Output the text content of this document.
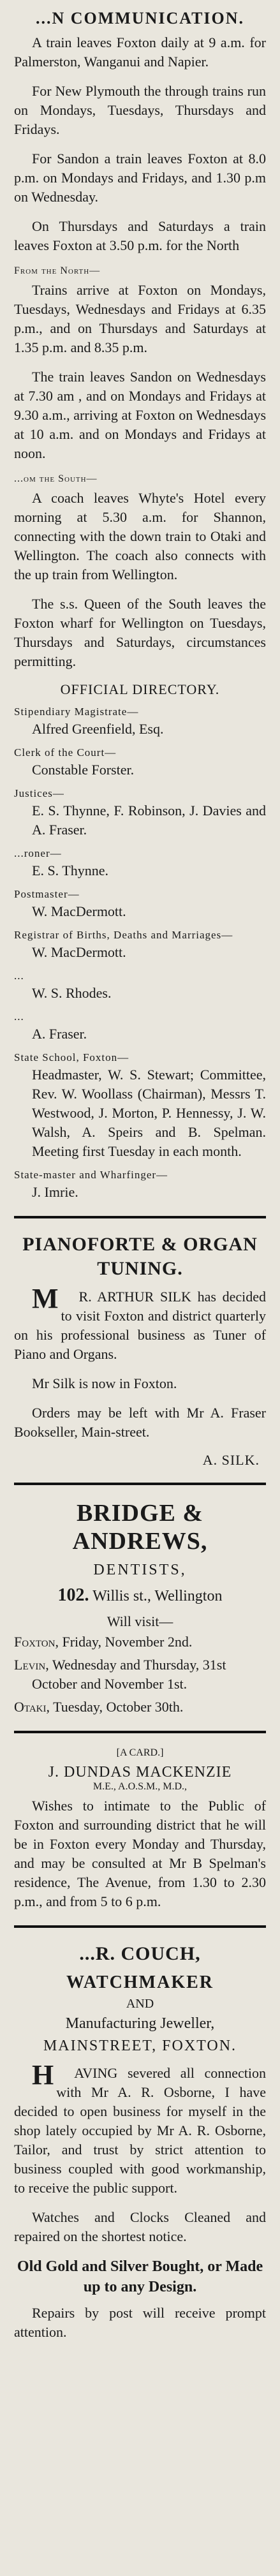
...N COMMUNICATION.

A train leaves Foxton daily at 9 a.m. for Palmerston, Wanganui and Napier.

For New Plymouth the through trains run on Mondays, Tuesdays, Thursdays and Fridays.

For Sandon a train leaves Foxton at 8.0 p.m. on Mondays and Fridays, and 1.30 p.m on Wednesday.

On Thursdays and Saturdays a train leaves Foxton at 3.50 p.m. for the North

From the North—

Trains arrive at Foxton on Mondays, Tuesdays, Wednesdays and Fridays at 6.35 p.m., and on Thursdays and Saturdays at 1.35 p.m. and 8.35 p.m.

The train leaves Sandon on Wednesdays at 7.30 am , and on Mondays and Fridays at 9.30 a.m., arriving at Foxton on Wednesdays at 10 a.m. and on Mondays and Fridays at noon.

...om the South—

A coach leaves Whyte's Hotel every morning at 5.30 a.m. for Shannon, connecting with the down train to Otaki and Wellington. The coach also connects with the up train from Wellington.

The s.s. Queen of the South leaves the Foxton wharf for Wellington on Tuesdays, Thursdays and Saturdays, circumstances permitting.

OFFICIAL DIRECTORY.
Stipendiary Magistrate—
Alfred Greenfield, Esq.
Clerk of the Court—
Constable Forster.
Justices—
E. S. Thynne, F. Robinson, J. Davies and A. Fraser.
...roner—
E. S. Thynne.
Postmaster—
W. MacDermott.
Registrar of Births, Deaths and Marriages—
W. MacDermott.
...
W. S. Rhodes.
...
A. Fraser.
State School, Foxton—
Headmaster, W. S. Stewart; Committee, Rev. W. Woollass (Chairman), Messrs T. Westwood, J. Morton, P. Hennessy, J. W. Walsh, A. Speirs and B. Spelman. Meeting first Tuesday in each month.
State-master and Wharfinger—
J. Imrie.
PIANOFORTE & ORGAN TUNING.

MR. ARTHUR SILK has decided to visit Foxton and district quarterly on his professional business as Tuner of Piano and Organs.

Mr Silk is now in Foxton.

Orders may be left with Mr A. Fraser Bookseller, Main-street.

A. SILK.
BRIDGE & ANDREWS,
DENTISTS,
102. Willis st., Wellington
Will visit—
Foxton, Friday, November 2nd.
Levin, Wednesday and Thursday, 31st October and November 1st.
Otaki, Tuesday, October 30th.
[A CARD.]
J. DUNDAS MACKENZIE
M.E., A.O.S.M., M.D.,

Wishes to intimate to the Public of Foxton and surrounding district that he will be in Foxton every Monday and Thursday, and may be consulted at Mr B Spelman's residence, The Avenue, from 1.30 to 2.30 p.m., and from 5 to 6 p.m.

...R. COUCH,
WATCHMAKER
AND
Manufacturing Jeweller,
MAINSTREET, FOXTON.

HAVING severed all connection with Mr A. R. Osborne, I have decided to open business for myself in the shop lately occupied by Mr A. R. Osborne, Tailor, and trust by strict attention to business coupled with good workmanship, to receive the public support.

Watches and Clocks Cleaned and repaired on the shortest notice.

Old Gold and Silver Bought, or Made up to any Design.

Repairs by post will receive prompt attention.
